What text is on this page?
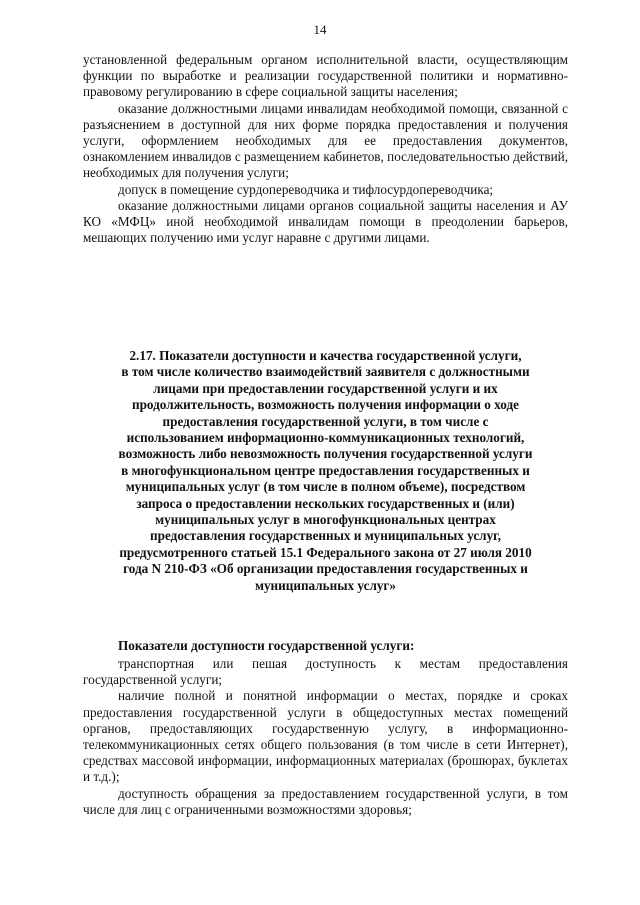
14

установленной федеральным органом исполнительной власти, осуществляющим функции по выработке и реализации государственной политики и нормативно-правовому регулированию в сфере социальной защиты населения;

оказание должностными лицами инвалидам необходимой помощи, связанной с разъяснением в доступной для них форме порядка предоставления и получения услуги, оформлением необходимых для ее предоставления документов, ознакомлением инвалидов с размещением кабинетов, последовательностью действий, необходимых для получения услуги;

допуск в помещение сурдопереводчика и тифлосурдопереводчика;

оказание должностными лицами органов социальной защиты населения и АУ КО «МФЦ» иной необходимой инвалидам помощи в преодолении барьеров, мешающих получению ими услуг наравне с другими лицами.

2.17. Показатели доступности и качества государственной услуги,
в том числе количество взаимодействий заявителя с должностными
лицами при предоставлении государственной услуги и их
продолжительность, возможность получения информации о ходе
предоставления государственной услуги, в том числе с
использованием информационно-коммуникационных технологий,
возможность либо невозможность получения государственной услуги
в многофункциональном центре предоставления государственных и
муниципальных услуг (в том числе в полном объеме), посредством
запроса о предоставлении нескольких государственных и (или)
муниципальных услуг в многофункциональных центрах
предоставления государственных и муниципальных услуг,
предусмотренного статьей 15.1 Федерального закона от 27 июля 2010
года N 210-ФЗ «Об организации предоставления государственных и
муниципальных услуг»
Показатели доступности государственной услуги:

транспортная или пешая доступность к местам предоставления государственной услуги;

наличие полной и понятной информации о местах, порядке и сроках предоставления государственной услуги в общедоступных местах помещений органов, предоставляющих государственную услугу, в информационно-телекоммуникационных сетях общего пользования (в том числе в сети Интернет), средствах массовой информации, информационных материалах (брошюрах, буклетах и т.д.);

доступность обращения за предоставлением государственной услуги, в том числе для лиц с ограниченными возможностями здоровья;
